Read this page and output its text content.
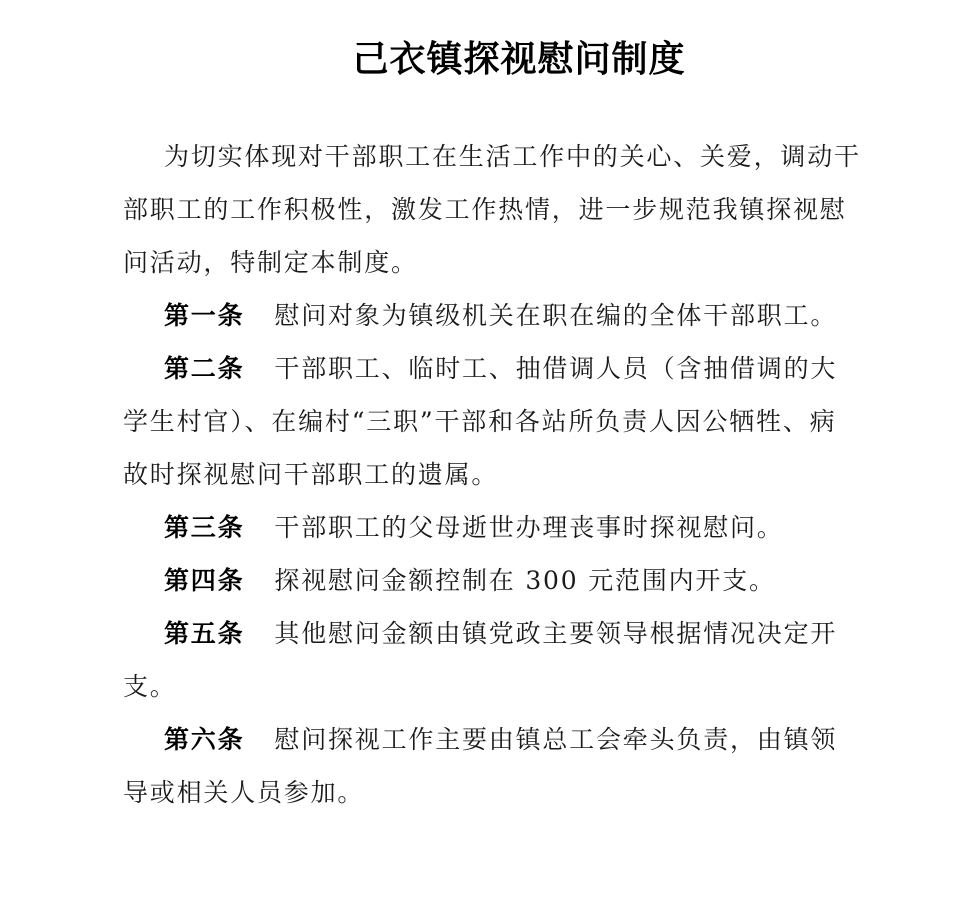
己衣镇探视慰问制度

为切实体现对干部职工在生活工作中的关心、关爱，调动干部职工的工作积极性，激发工作热情，进一步规范我镇探视慰问活动，特制定本制度。

第一条 慰问对象为镇级机关在职在编的全体干部职工。

第二条 干部职工、临时工、抽借调人员（含抽借调的大学生村官）、在编村“三职”干部和各站所负责人因公牺牲、病故时探视慰问干部职工的遗属。

第三条 干部职工的父母逝世办理丧事时探视慰问。

第四条 探视慰问金额控制在 300 元范围内开支。

第五条 其他慰问金额由镇党政主要领导根据情况决定开支。

第六条 慰问探视工作主要由镇总工会牵头负责，由镇领导或相关人员参加。
